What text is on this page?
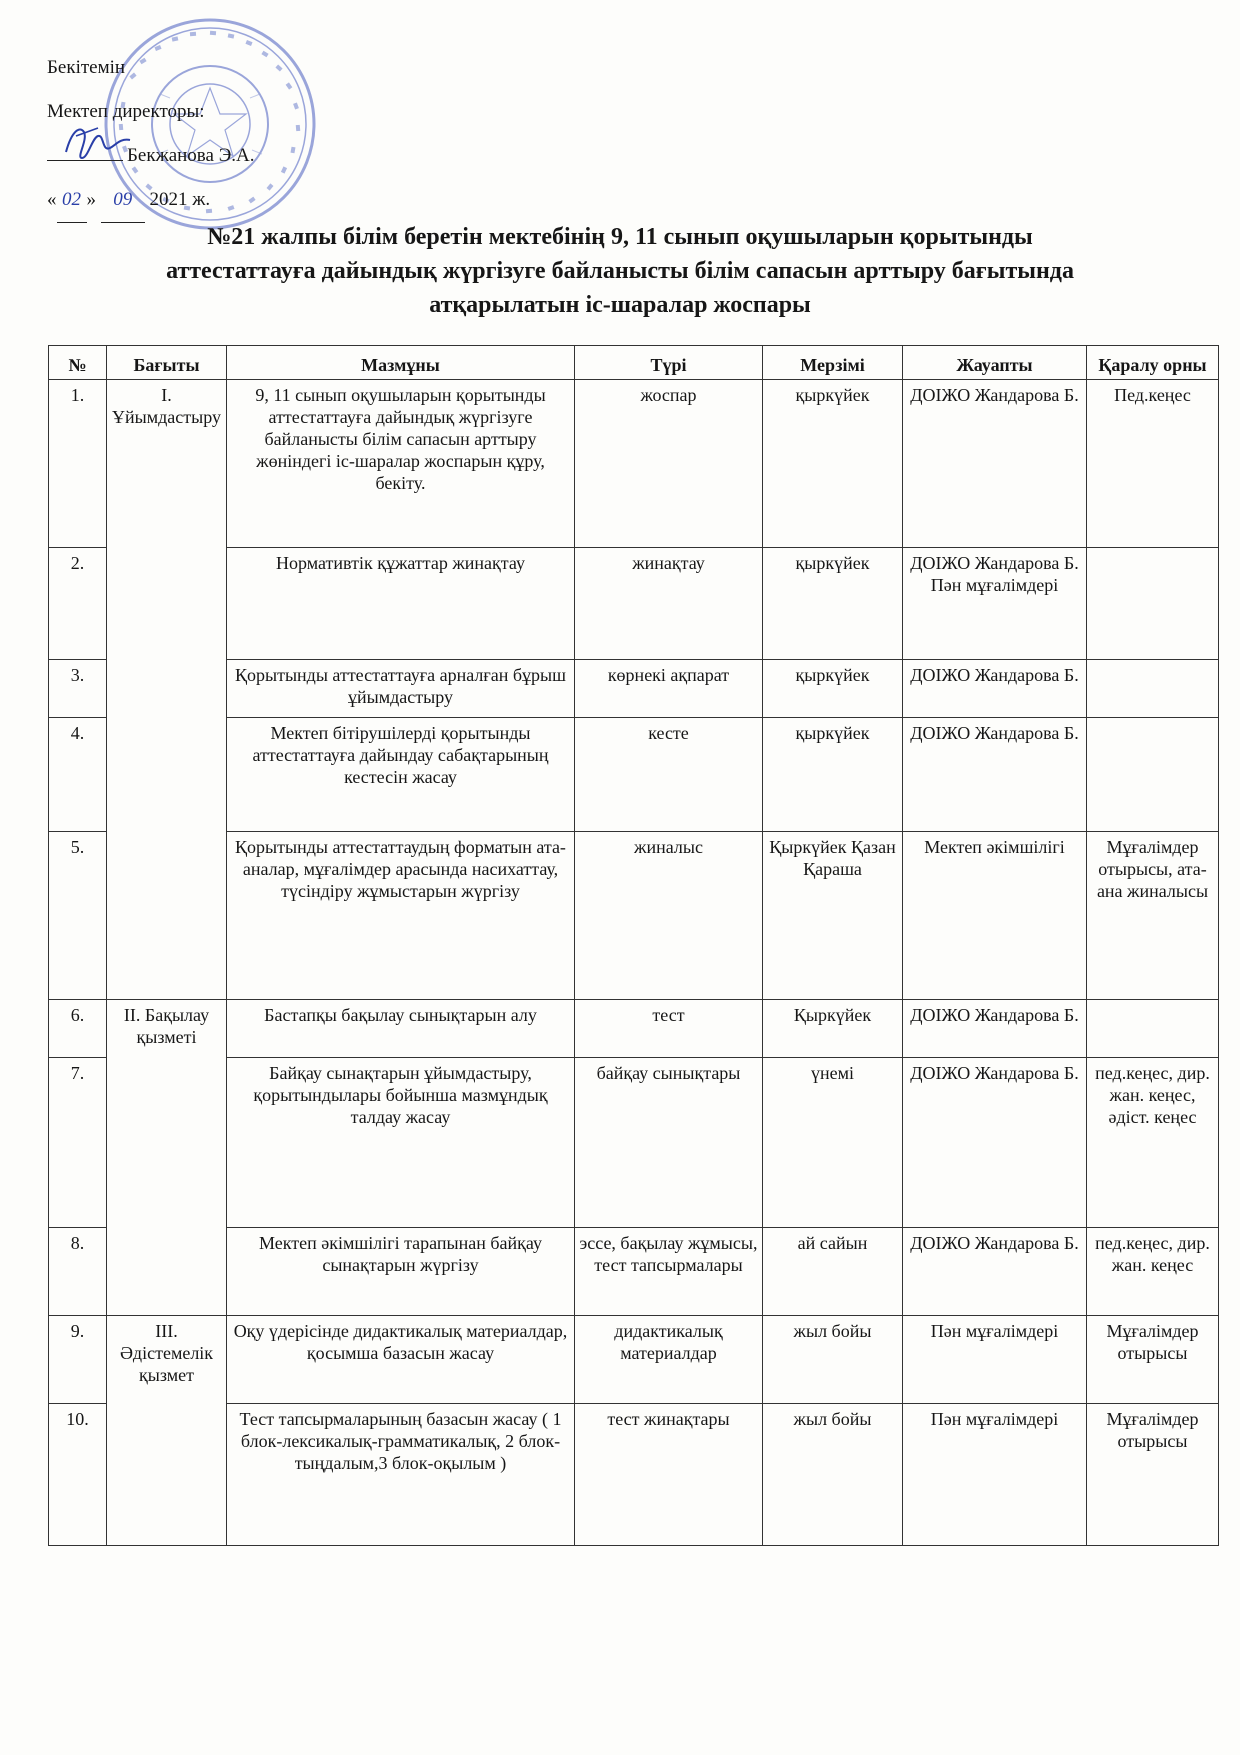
Бекітемін
Мектеп директоры:
Бекжанова Э.А.
« 02 » 09 2021 ж.
№21 жалпы білім беретін мектебінің 9, 11 сынып оқушыларын қорытынды
аттестаттауға дайындық жүргізуге байланысты білім сапасын арттыру бағытында
атқарылатын іс-шаралар жоспары
№	Бағыты	Мазмұны	Түрі	Мерзімі	Жауапты	Қаралу орны
1.	І. Ұйымдастыру	9, 11 сынып оқушыларын қорытынды аттестаттауға дайындық жүргізуге байланысты білім сапасын арттыру жөніндегі іс-шаралар жоспарын құру, бекіту.	жоспар	қыркүйек	ДОІЖО Жандарова Б.	Пед.кеңес
2.		Нормативтік құжаттар жинақтау	жинақтау	қыркүйек	ДОІЖО Жандарова Б. Пән мұғалімдері	
3.		Қорытынды аттестаттауға арналған бұрыш ұйымдастыру	көрнекі ақпарат	қыркүйек	ДОІЖО Жандарова Б.	
4.		Мектеп бітірушілерді қорытынды аттестаттауға дайындау сабақтарының кестесін жасау	кесте	қыркүйек	ДОІЖО Жандарова Б.	
5.		Қорытынды аттестаттаудың форматын ата-аналар, мұғалімдер арасында насихаттау, түсіндіру жұмыстарын жүргізу	жиналыс	Қыркүйек Қазан Қараша	Мектеп әкімшілігі	Мұғалімдер отырысы, ата-ана жиналысы
6.	ІІ. Бақылау қызметі	Бастапқы бақылау сынықтарын алу	тест	Қыркүйек	ДОІЖО Жандарова Б.	
7.		Байқау сынақтарын ұйымдастыру, қорытындылары бойынша мазмұндық талдау жасау	байқау сынықтары	үнемі	ДОІЖО Жандарова Б.	пед.кеңес, дир. жан. кеңес, әдіст. кеңес
8.		Мектеп әкімшілігі тарапынан байқау сынақтарын жүргізу	эссе, бақылау жұмысы, тест тапсырмалары	ай сайын	ДОІЖО Жандарова Б.	пед.кеңес, дир. жан. кеңес
9.	ІІІ. Әдістемелік қызмет	Оқу үдерісінде дидактикалық материалдар, қосымша базасын жасау	дидактикалық материалдар	жыл бойы	Пән мұғалімдері	Мұғалімдер отырысы
10.		Тест тапсырмаларының базасын жасау ( 1 блок-лексикалық-грамматикалық, 2 блок-тыңдалым,3 блок-оқылым )	тест жинақтары	жыл бойы	Пән мұғалімдері	Мұғалімдер отырысы
